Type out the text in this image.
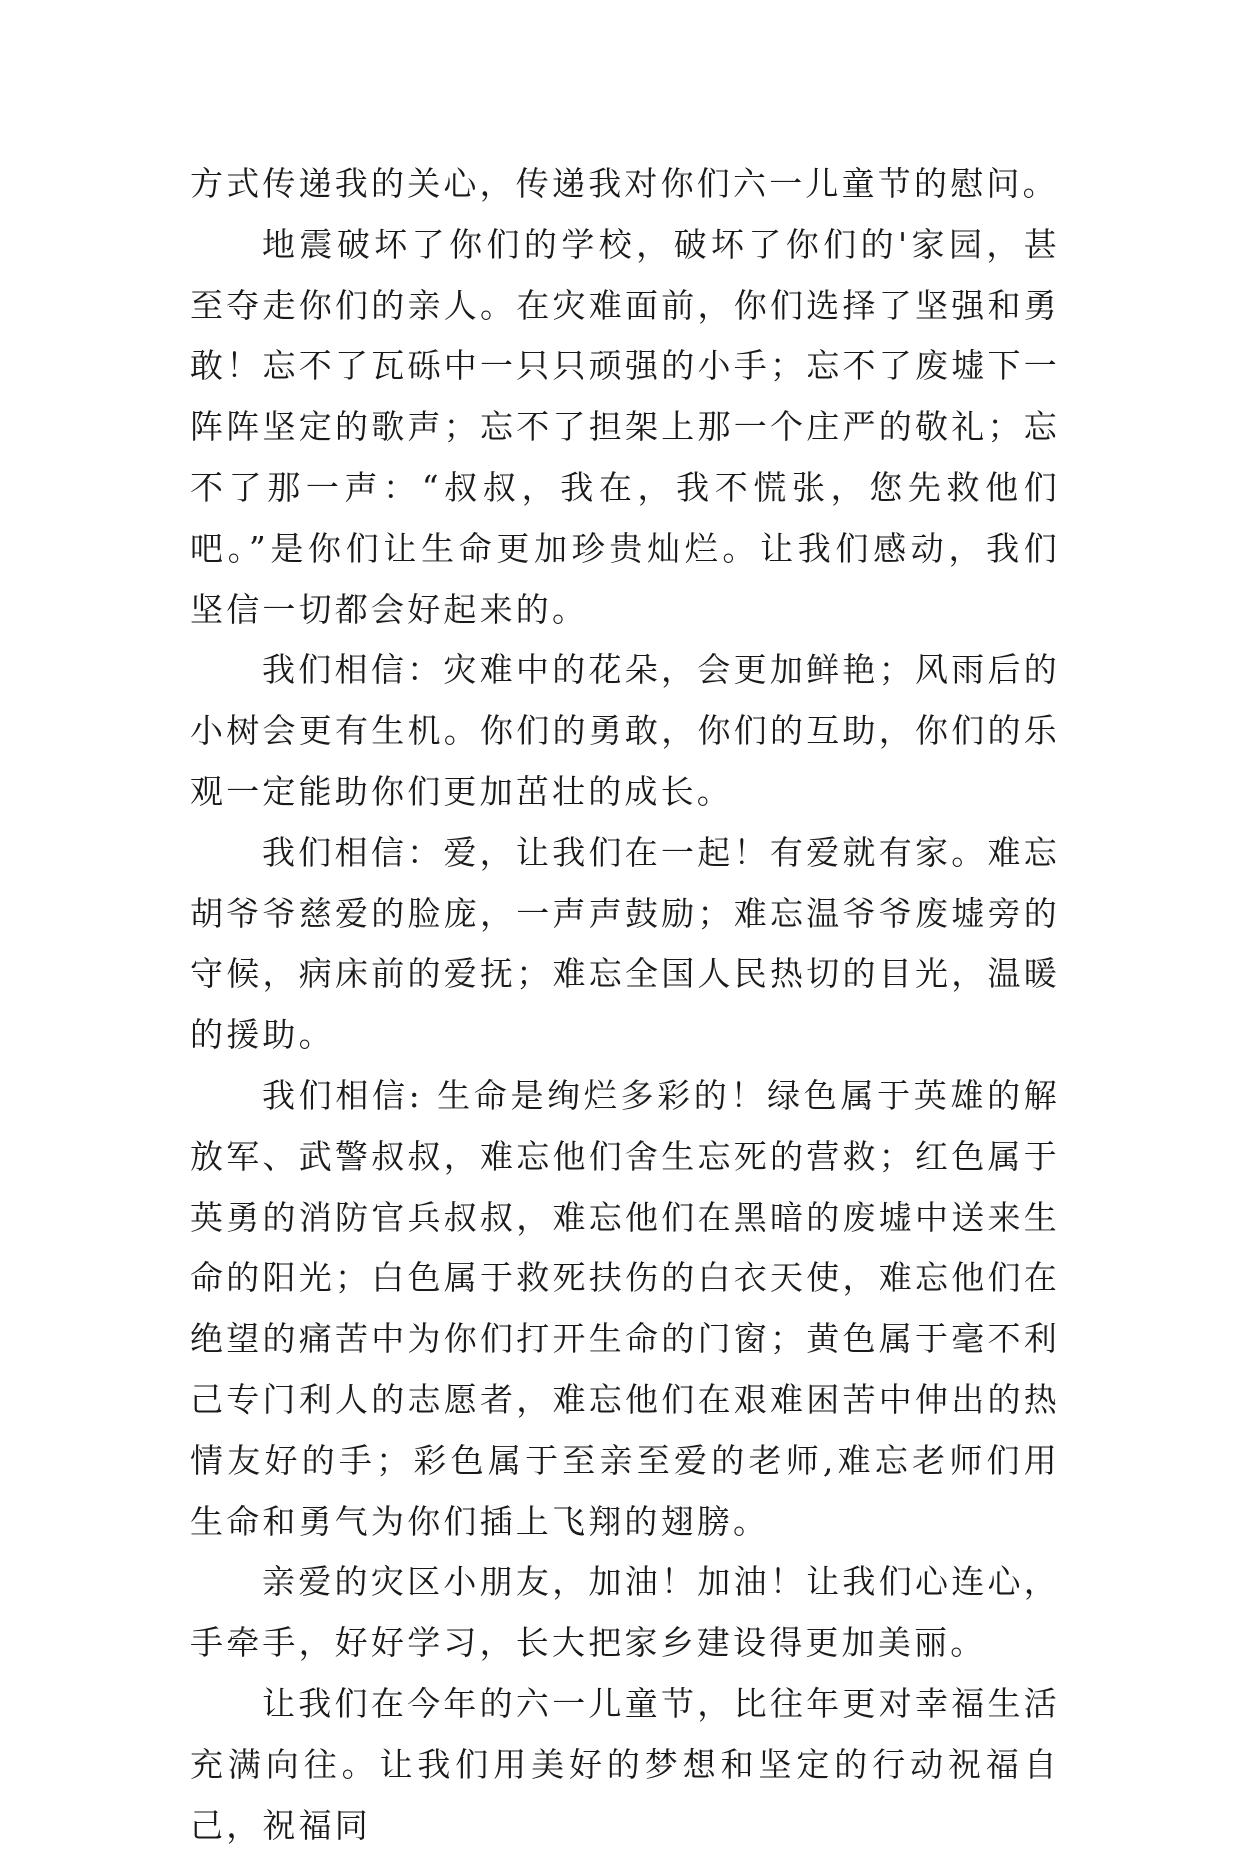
方式传递我的关心，传递我对你们六一儿童节的慰问。

地震破坏了你们的学校，破坏了你们的'家园，甚至夺走你们的亲人。在灾难面前，你们选择了坚强和勇敢！忘不了瓦砾中一只只顽强的小手；忘不了废墟下一阵阵坚定的歌声；忘不了担架上那一个庄严的敬礼；忘不了那一声：“叔叔，我在，我不慌张，您先救他们吧。”是你们让生命更加珍贵灿烂。让我们感动，我们坚信一切都会好起来的。

我们相信：灾难中的花朵，会更加鲜艳；风雨后的小树会更有生机。你们的勇敢，你们的互助，你们的乐观一定能助你们更加茁壮的成长。

我们相信：爱，让我们在一起！有爱就有家。难忘胡爷爷慈爱的脸庞，一声声鼓励；难忘温爷爷废墟旁的守候，病床前的爱抚；难忘全国人民热切的目光，温暖的援助。

我们相信: 生命是绚烂多彩的！绿色属于英雄的解放军、武警叔叔，难忘他们舍生忘死的营救；红色属于英勇的消防官兵叔叔，难忘他们在黑暗的废墟中送来生命的阳光；白色属于救死扶伤的白衣天使，难忘他们在绝望的痛苦中为你们打开生命的门窗；黄色属于毫不利己专门利人的志愿者，难忘他们在艰难困苦中伸出的热情友好的手；彩色属于至亲至爱的老师,难忘老师们用生命和勇气为你们插上飞翔的翅膀。

亲爱的灾区小朋友，加油！加油！让我们心连心，手牵手，好好学习，长大把家乡建设得更加美丽。

让我们在今年的六一儿童节，比往年更对幸福生活充满向往。让我们用美好的梦想和坚定的行动祝福自己，祝福同
